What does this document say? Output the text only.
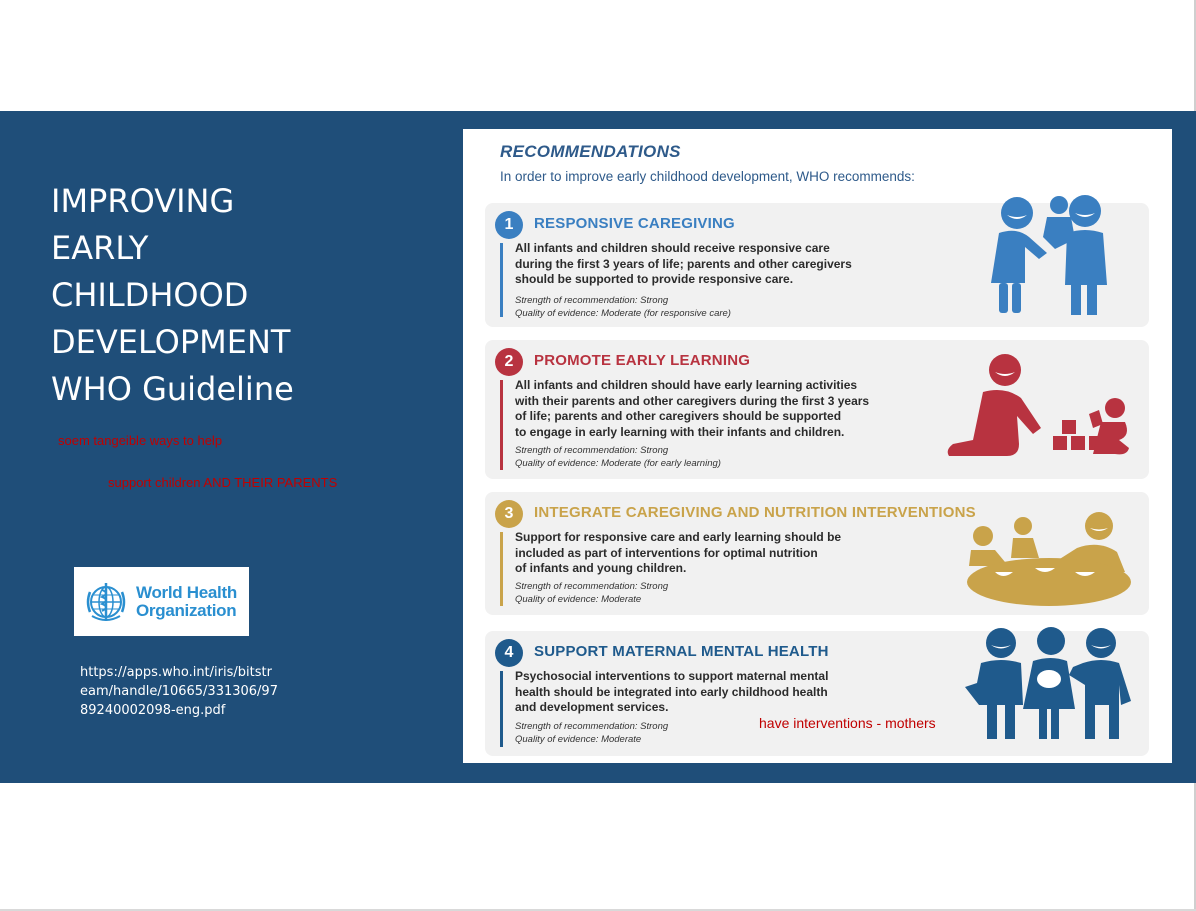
IMPROVING
EARLY
CHILDHOOD
DEVELOPMENT
WHO Guideline
soem tangeible ways to help
support children AND THEIR PARENTS
World Health
Organization
https://apps.who.int/iris/bitstr
eam/handle/10665/331306/97
89240002098-eng.pdf
RECOMMENDATIONS
In order to improve early childhood development, WHO recommends:
1	RESPONSIVE CAREGIVING
All infants and children should receive responsive care
during the first 3 years of life; parents and other caregivers
should be supported to provide responsive care.
Strength of recommendation: Strong
Quality of evidence: Moderate (for responsive care)
2	PROMOTE EARLY LEARNING
All infants and children should have early learning activities
with their parents and other caregivers during the first 3 years
of life; parents and other caregivers should be supported
to engage in early learning with their infants and children.
Strength of recommendation: Strong
Quality of evidence: Moderate (for early learning)
3	INTEGRATE CAREGIVING AND NUTRITION INTERVENTIONS
Support for responsive care and early learning should be
included as part of interventions for optimal nutrition
of infants and young children.
Strength of recommendation: Strong
Quality of evidence: Moderate
4	SUPPORT MATERNAL MENTAL HEALTH
Psychosocial interventions to support maternal mental
health should be integrated into early childhood health
and development services.
Strength of recommendation: Strong
Quality of evidence: Moderate
have interventions - mothers
